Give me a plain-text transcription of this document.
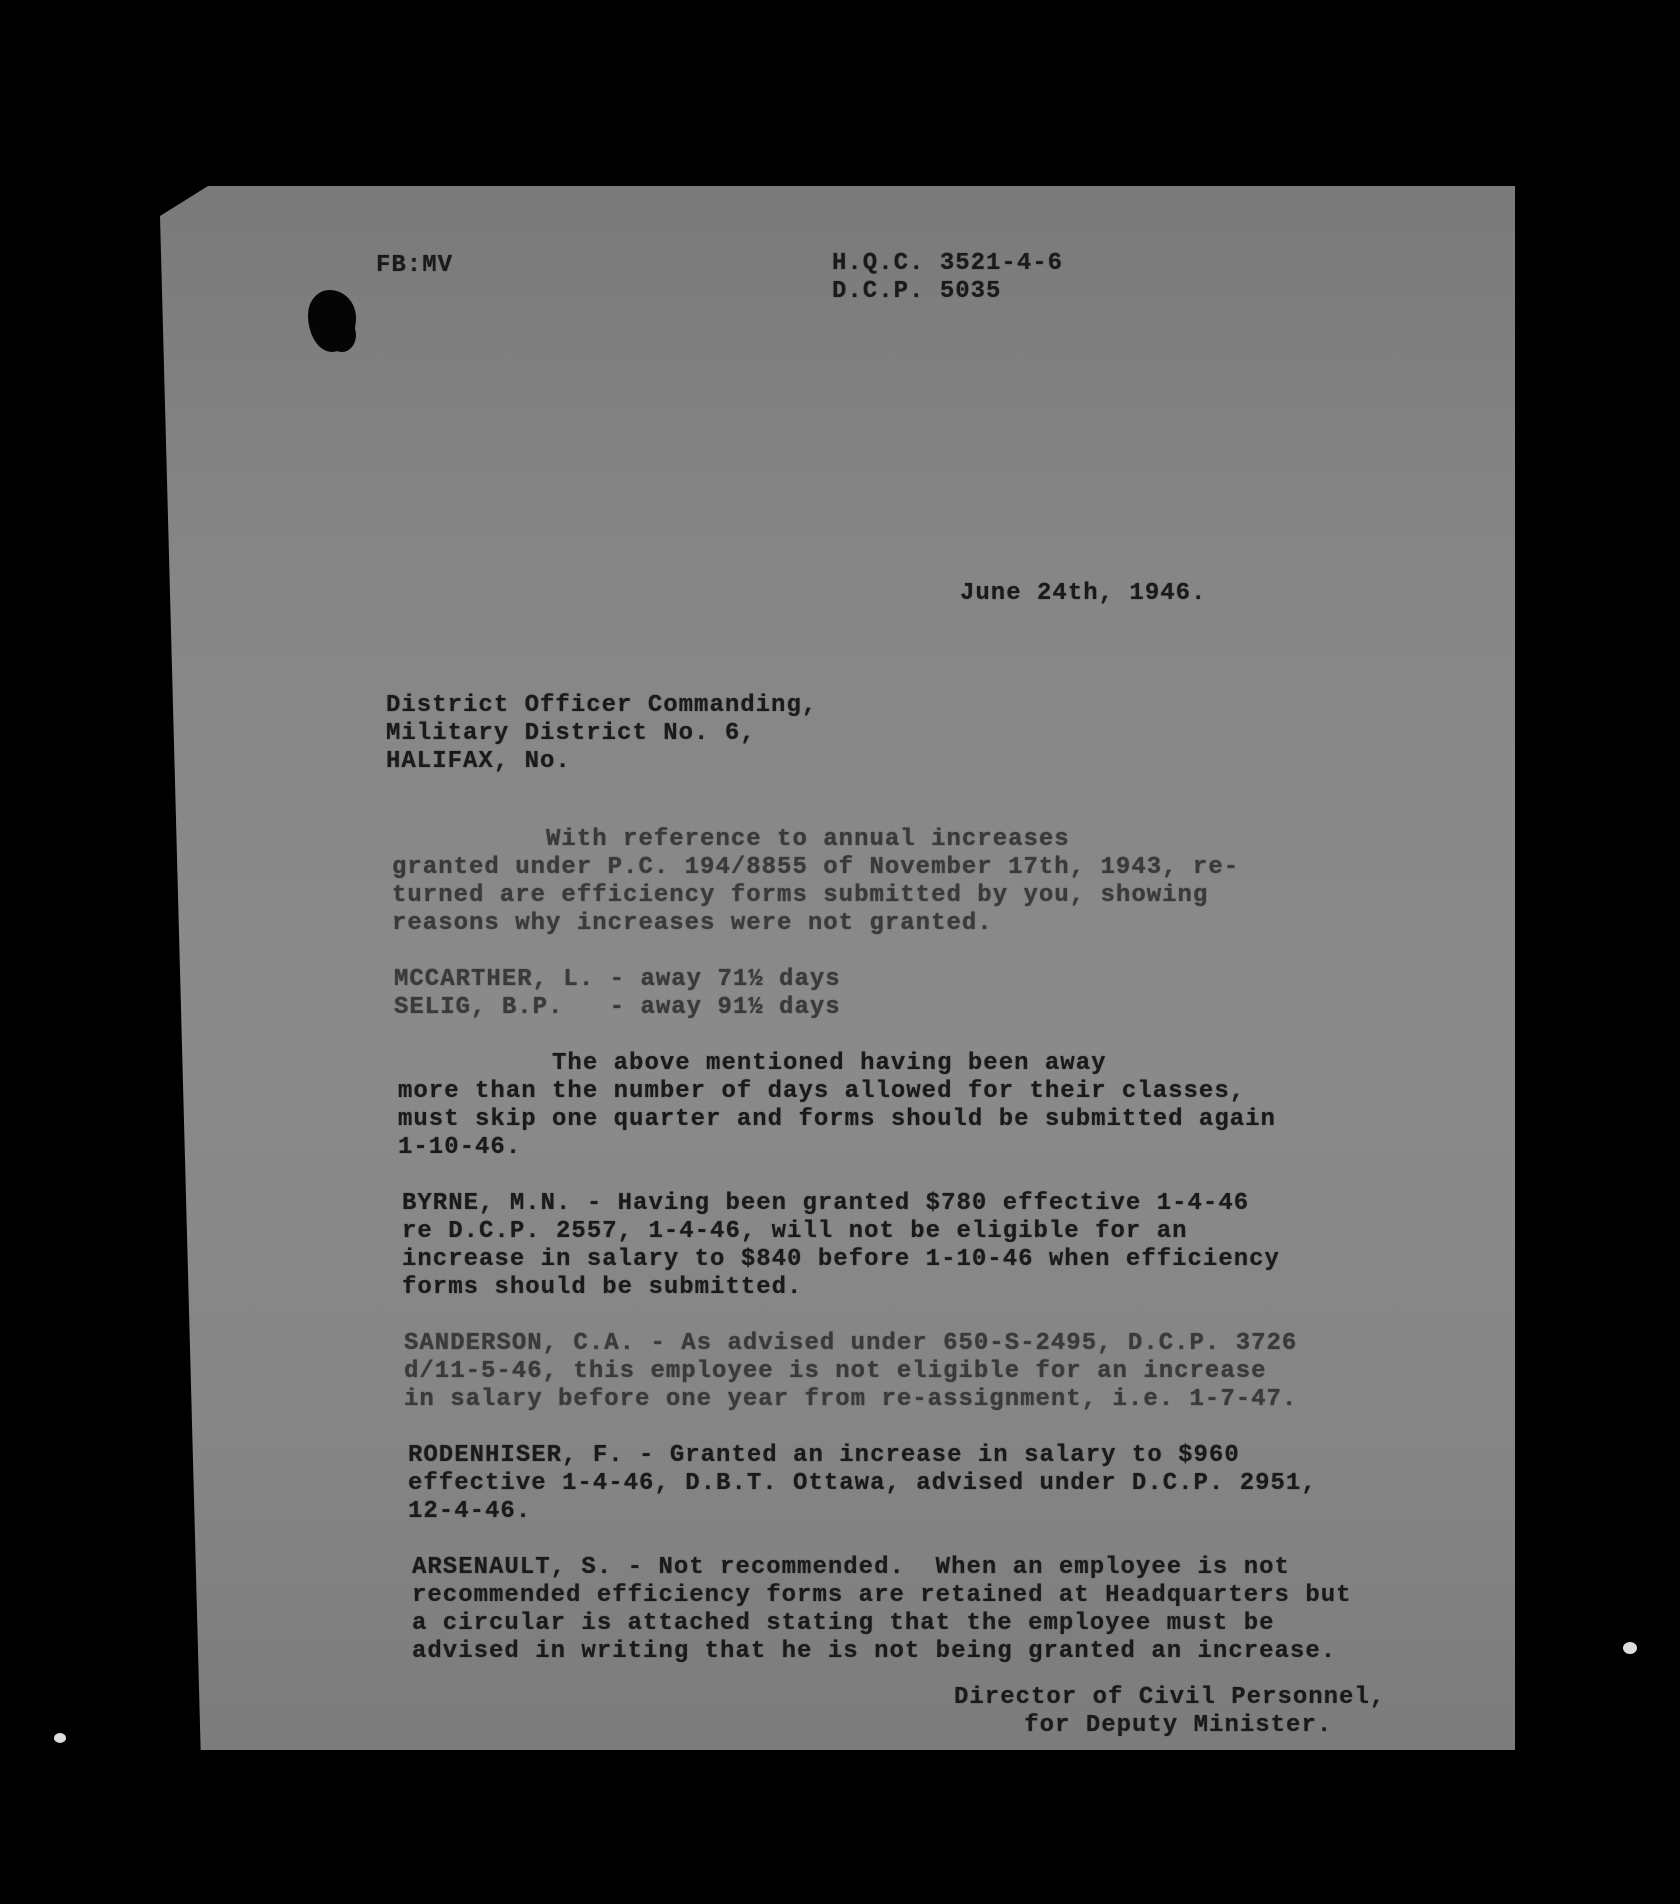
FB:MV	H.Q.C. 3521-4-6
D.C.P. 5035
June 24th, 1946.
District Officer Commanding,
Military District No. 6,
HALIFAX, No.
With reference to annual increases
granted under P.C. 194/8855 of November 17th, 1943, re-
turned are efficiency forms submitted by you, showing
reasons why increases were not granted.
MCCARTHER, L. - away 71½ days
SELIG, B.P.   - away 91½ days
The above mentioned having been away
more than the number of days allowed for their classes,
must skip one quarter and forms should be submitted again
1-10-46.
BYRNE, M.N. - Having been granted $780 effective 1-4-46
re D.C.P. 2557, 1-4-46, will not be eligible for an
increase in salary to $840 before 1-10-46 when efficiency
forms should be submitted.
SANDERSON, C.A. - As advised under 650-S-2495, D.C.P. 3726
d/11-5-46, this employee is not eligible for an increase
in salary before one year from re-assignment, i.e. 1-7-47.
RODENHISER, F. - Granted an increase in salary to $960
effective 1-4-46, D.B.T. Ottawa, advised under D.C.P. 2951,
12-4-46.
ARSENAULT, S. - Not recommended.  When an employee is not
recommended efficiency forms are retained at Headquarters but
a circular is attached stating that the employee must be
advised in writing that he is not being granted an increase.
Director of Civil Personnel,
for Deputy Minister.
